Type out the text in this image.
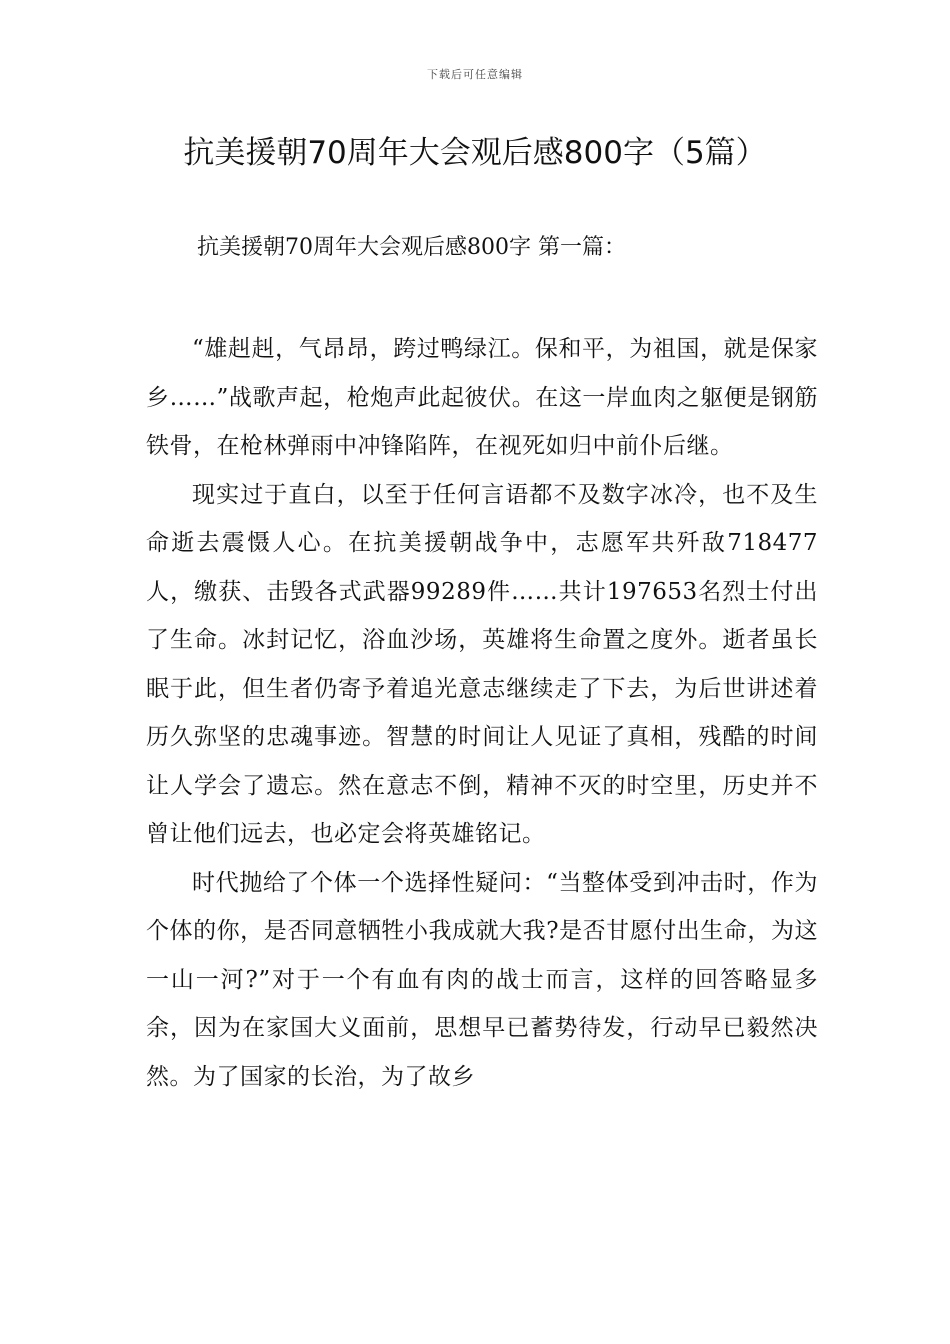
下载后可任意编辑
抗美援朝70周年大会观后感800字（5篇）
抗美援朝70周年大会观后感800字 第一篇：

“雄赳赳，气昂昂，跨过鸭绿江。保和平，为祖国，就是保家乡……”战歌声起，枪炮声此起彼伏。在这一岸血肉之躯便是钢筋铁骨，在枪林弹雨中冲锋陷阵，在视死如归中前仆后继。

现实过于直白，以至于任何言语都不及数字冰冷，也不及生命逝去震慑人心。在抗美援朝战争中，志愿军共歼敌718477人，缴获、击毁各式武器99289件……共计197653名烈士付出了生命。冰封记忆，浴血沙场，英雄将生命置之度外。逝者虽长眠于此，但生者仍寄予着追光意志继续走了下去，为后世讲述着历久弥坚的忠魂事迹。智慧的时间让人见证了真相，残酷的时间让人学会了遗忘。然在意志不倒，精神不灭的时空里，历史并不曾让他们远去，也必定会将英雄铭记。

时代抛给了个体一个选择性疑问：“当整体受到冲击时，作为个体的你，是否同意牺牲小我成就大我?是否甘愿付出生命，为这一山一河?”对于一个有血有肉的战士而言，这样的回答略显多余，因为在家国大义面前，思想早已蓄势待发，行动早已毅然决然。为了国家的长治，为了故乡
